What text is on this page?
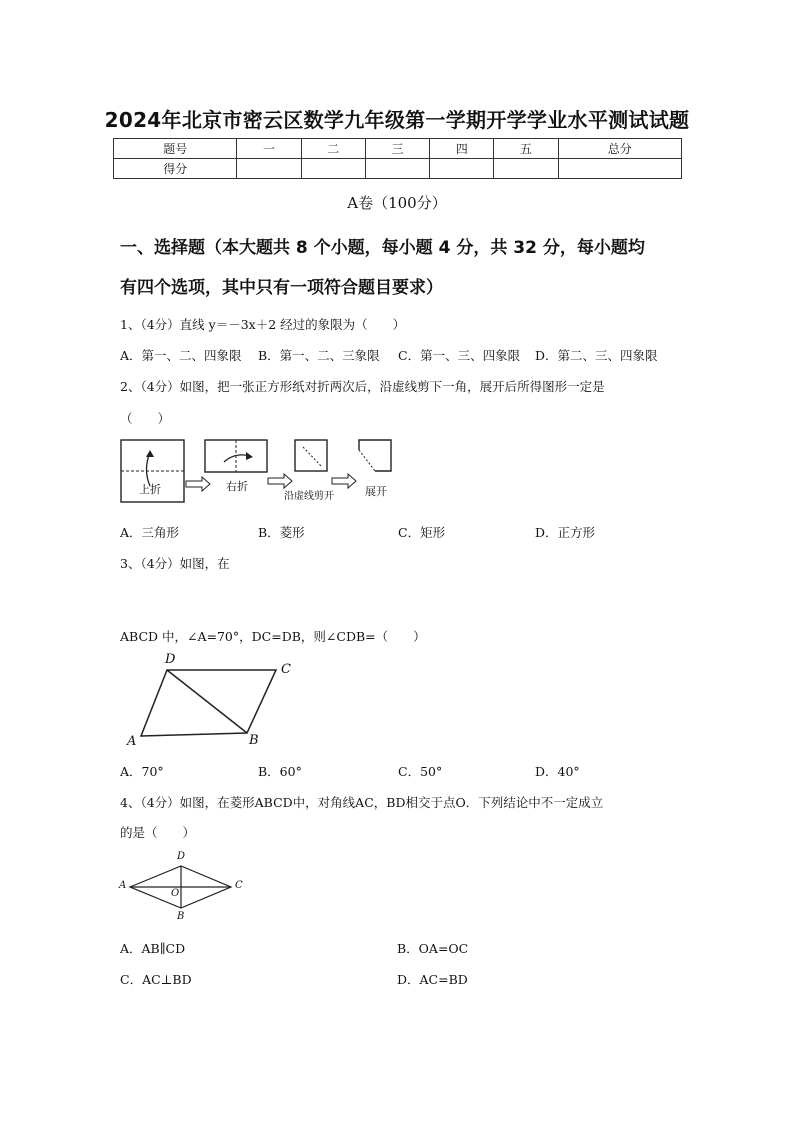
2024年北京市密云区数学九年级第一学期开学学业水平测试试题
题号	一	二	三	四	五	总分
得分						
A卷（100分）
一、选择题（本大题共 8 个小题，每小题 4 分，共 32 分，每小题均
有四个选项，其中只有一项符合题目要求）
1、（4分）直线 y＝－3x＋2 经过的象限为（　　）
A．第一、二、四象限 B．第一、二、三象限 C．第一、三、四象限 D．第二、三、四象限
2、（4分）如图，把一张正方形纸对折两次后，沿虚线剪下一角，展开后所得图形一定是
（　　）
上折	右折
沿虚线剪开	展开
A．三角形	B．菱形	C．矩形	D．正方形
3、（4分）如图，在
ABCD 中，∠A=70°，DC=DB，则∠CDB=（　　）
A	B
C
D
A．70°	B．60°	C．50°	D．40°
4、（4分）如图，在菱形ABCD中，对角线AC，BD相交于点O．下列结论中不一定成立
的是（　　）
A
B
C
D
O
A．AB∥CD	B．OA=OC
C．AC⊥BD	D．AC=BD
